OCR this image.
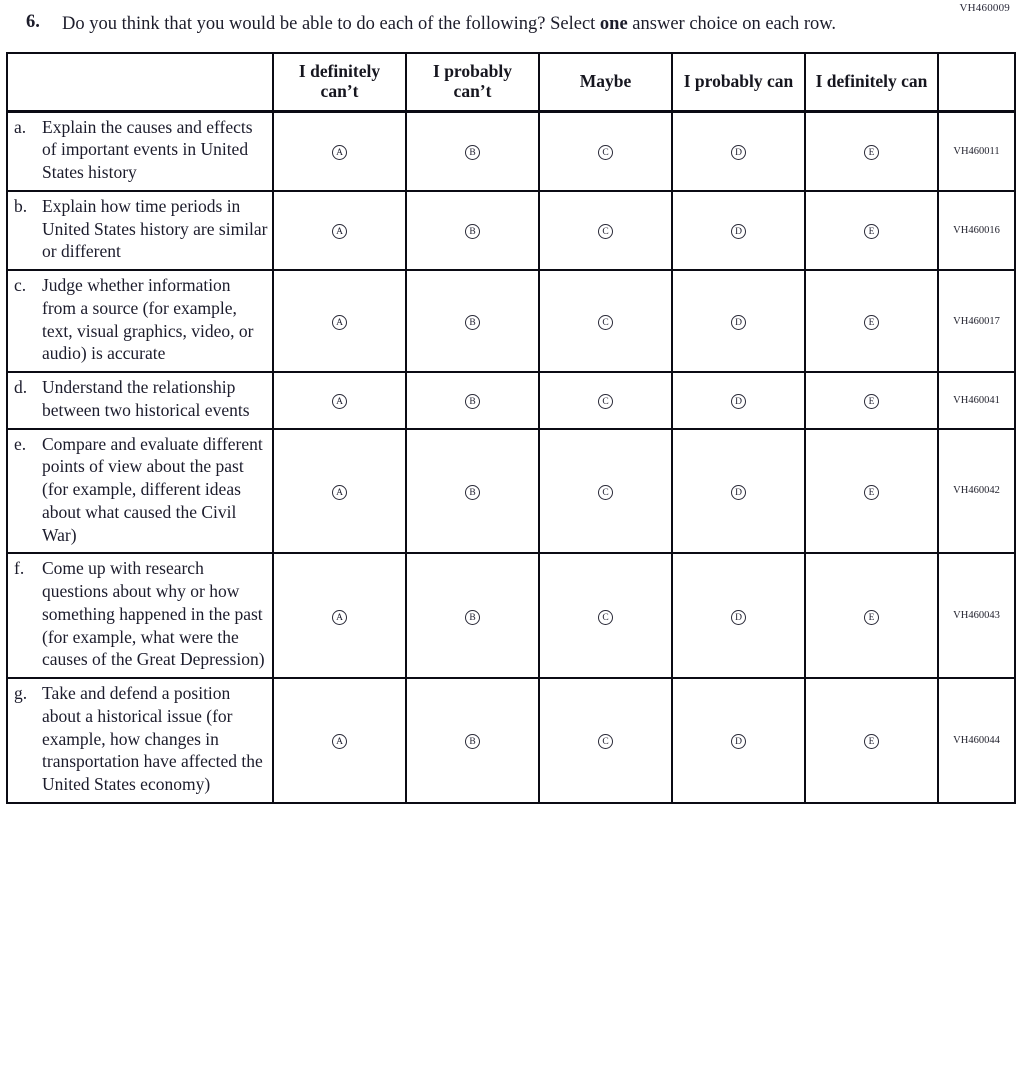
VH460009
6.	Do you think that you would be able to do each of the following? Select one answer choice on each row.
	I definitely can’t	I probably can’t	Maybe	I probably can	I definitely can	

a. Explain the causes and effects of important events in United States history	A	B	C	D	E	VH460011

b. Explain how time periods in United States history are similar or different	A	B	C	D	E	VH460016

c. Judge whether information from a source (for example, text, visual graphics, video, or audio) is accurate	A	B	C	D	E	VH460017

d. Understand the relationship between two historical events	A	B	C	D	E	VH460041

e. Compare and evaluate different points of view about the past (for example, different ideas about what caused the Civil War)	A	B	C	D	E	VH460042

f. Come up with research questions about why or how something happened in the past (for example, what were the causes of the Great Depression)	A	B	C	D	E	VH460043

g. Take and defend a position about a historical issue (for example, how changes in transportation have affected the United States economy)	A	B	C	D	E	VH460044
